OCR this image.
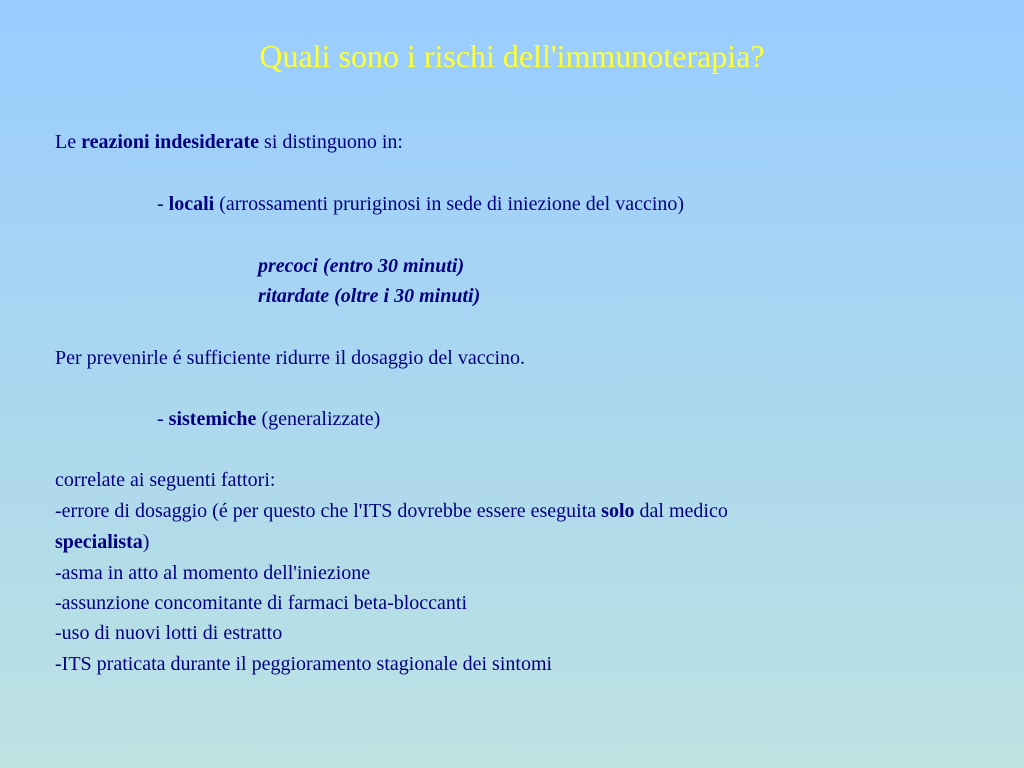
Quali sono i rischi dell'immunoterapia?
Le reazioni indesiderate si distinguono in:
- locali (arrossamenti pruriginosi in sede di iniezione del vaccino)
precoci (entro 30 minuti)
ritardate (oltre i 30 minuti)
Per prevenirle é sufficiente ridurre il dosaggio del vaccino.
- sistemiche (generalizzate)
correlate ai seguenti fattori:
-errore di dosaggio (é per questo che l'ITS dovrebbe essere eseguita solo dal medico
specialista)
-asma in atto al momento dell'iniezione
-assunzione concomitante di farmaci beta-bloccanti
-uso di nuovi lotti di estratto
-ITS praticata durante il peggioramento stagionale dei sintomi
